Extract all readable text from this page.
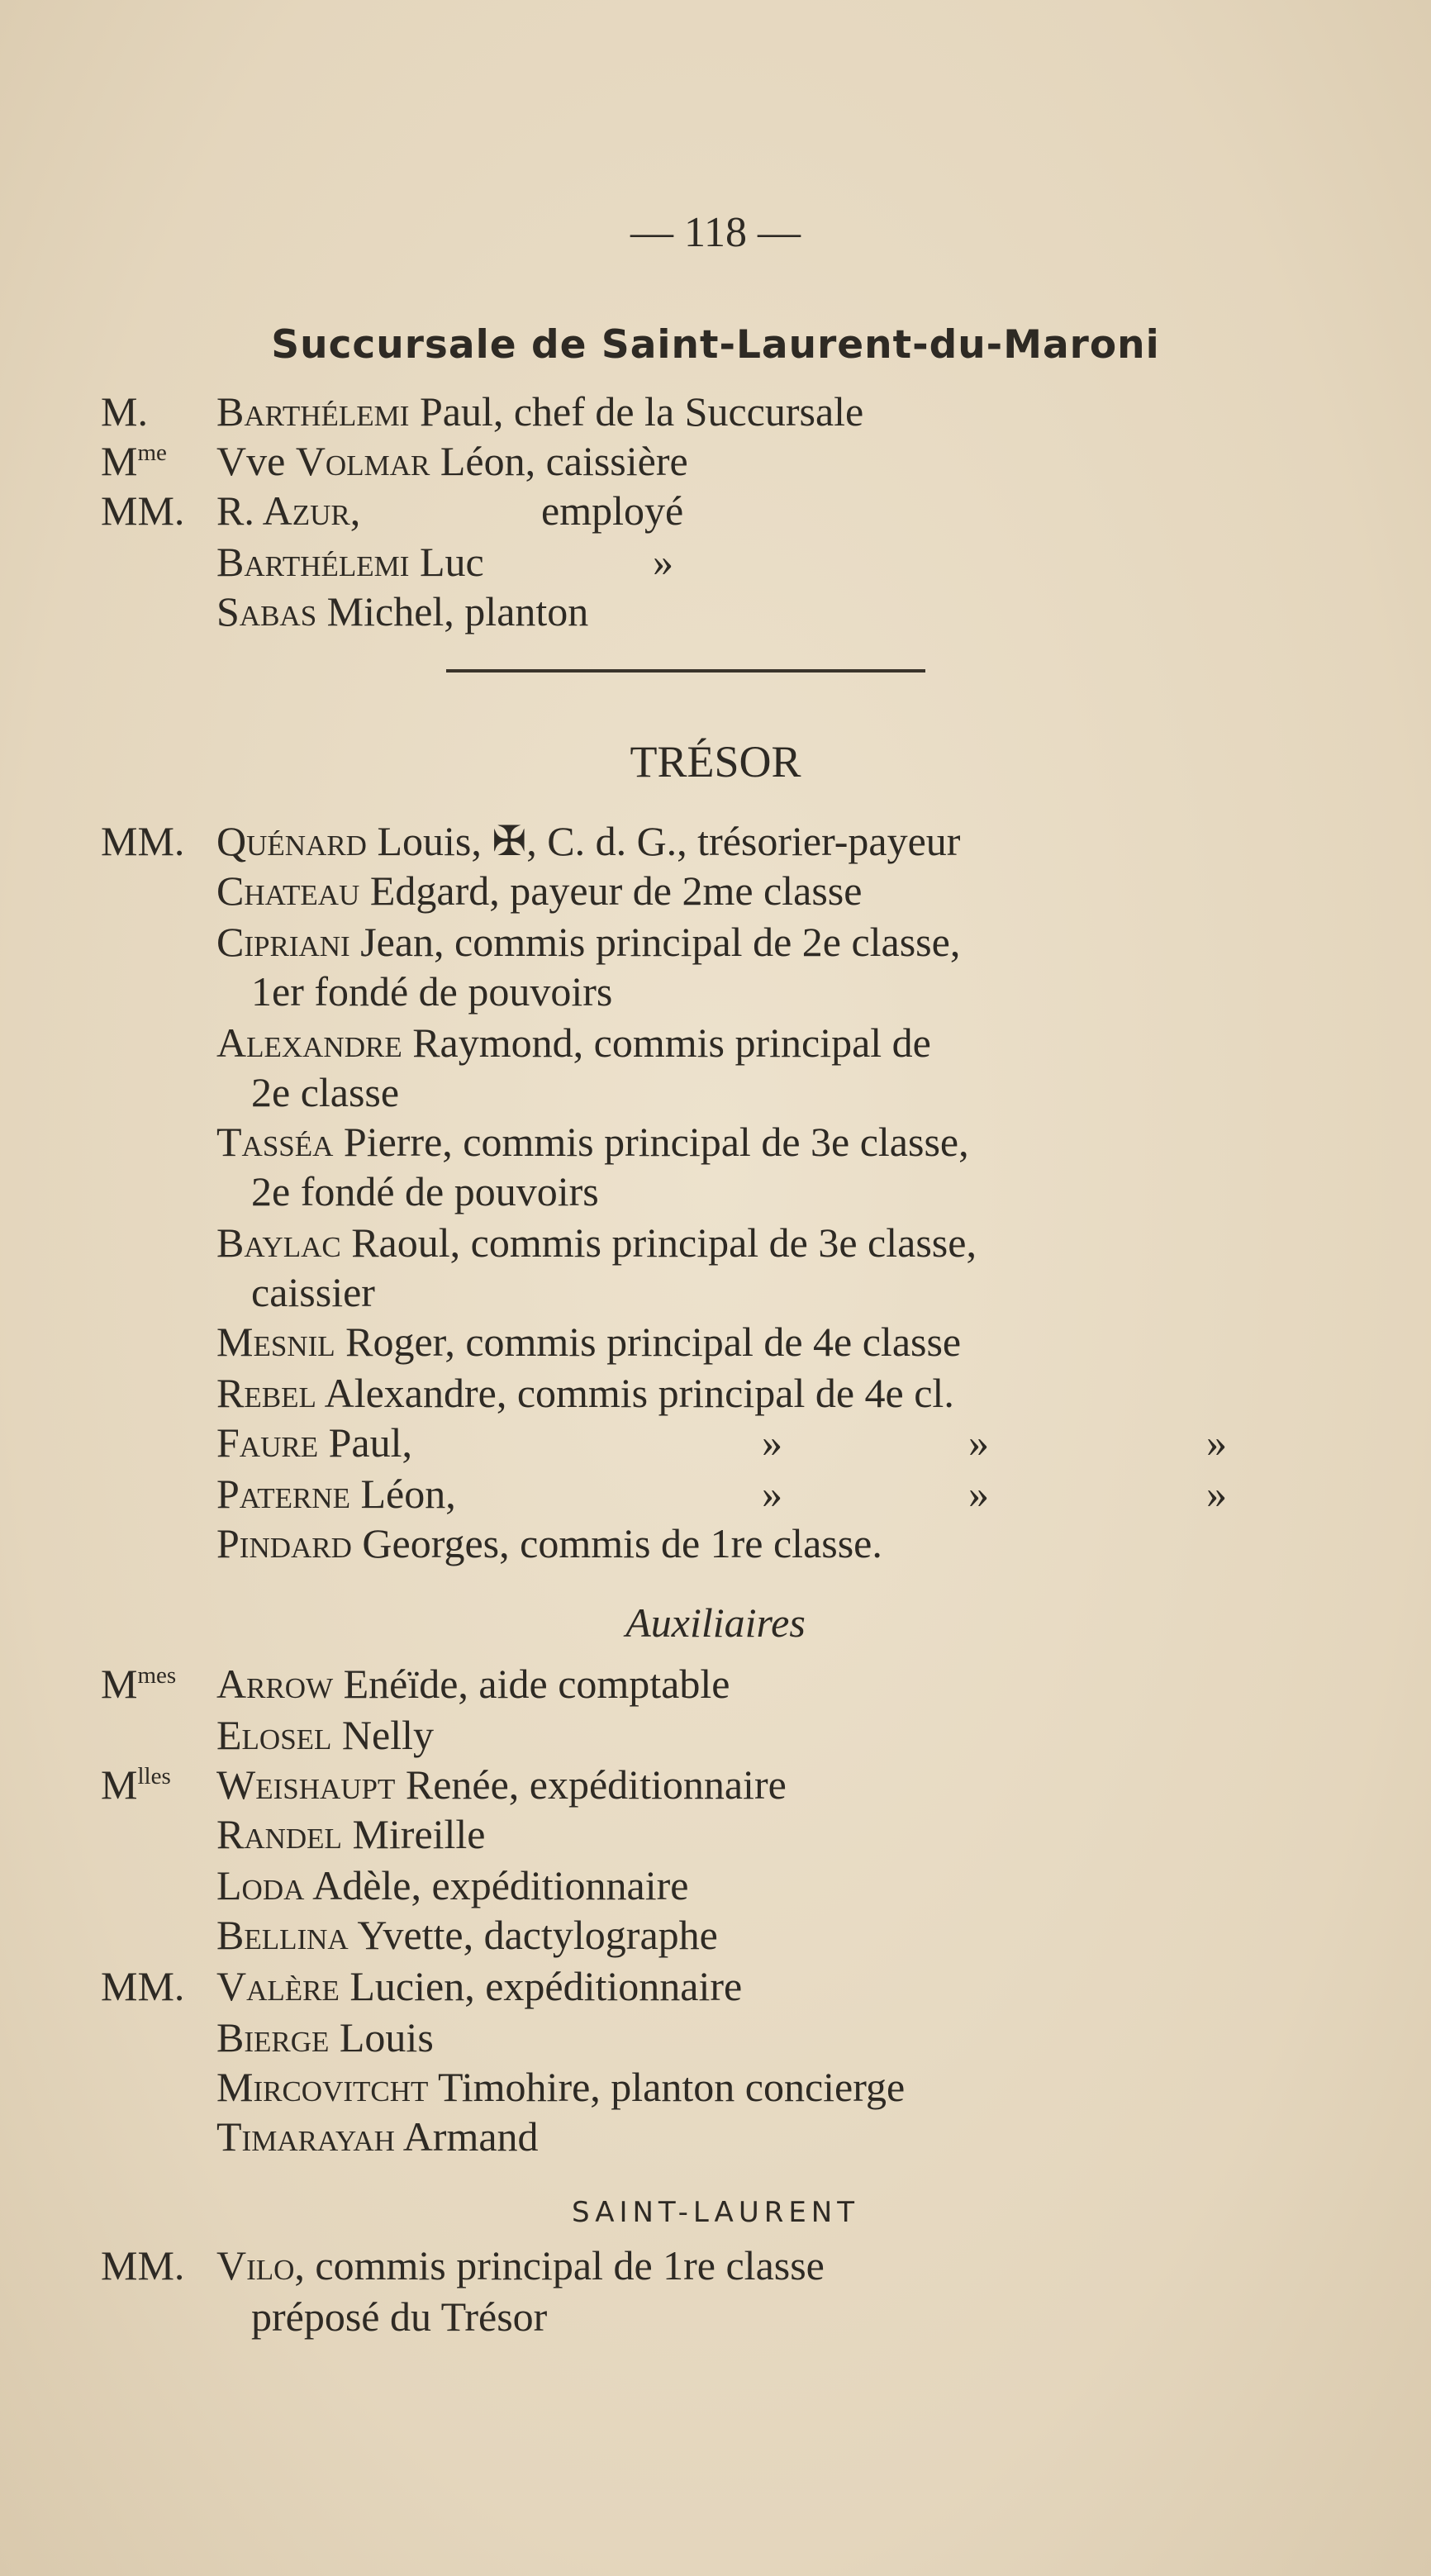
— 118 —
Succursale de Saint-Laurent-du-Maroni
M. Barthélemi Paul, chef de la Succursale
$M^{me}$ Vve Volmar Léon, caissière
MM. R. Azur,	employé
Barthélemi Luc	»
Sabas Michel, planton
TRÉSOR
MM. Quénard Louis, ✠, C. d. G., trésorier-payeur
Chateau Edgard, payeur de 2me classe
Cipriani Jean, commis principal de 2e classe,
1er fondé de pouvoirs
Alexandre Raymond, commis principal de
2e classe
Tasséa Pierre, commis principal de 3e classe,
2e fondé de pouvoirs
Baylac Raoul, commis principal de 3e classe,
caissier
Mesnil Roger, commis principal de 4e classe
Rebel Alexandre, commis principal de 4e cl.
Faure Paul,	»	»	»
Paterne Léon,	»	»	»
Pindard Georges, commis de 1re classe.
Auxiliaires
$M^{mes}$ Arrow Enéïde, aide comptable
Elosel Nelly
$M^{lles}$ Weishaupt Renée, expéditionnaire
Randel Mireille
Loda Adèle, expéditionnaire
Bellina Yvette, dactylographe
MM. Valère Lucien, expéditionnaire
Bierge Louis
Mircovitcht Timohire, planton concierge
Timarayah Armand
SAINT-LAURENT
MM. Vilo, commis principal de 1re classe
préposé du Trésor
